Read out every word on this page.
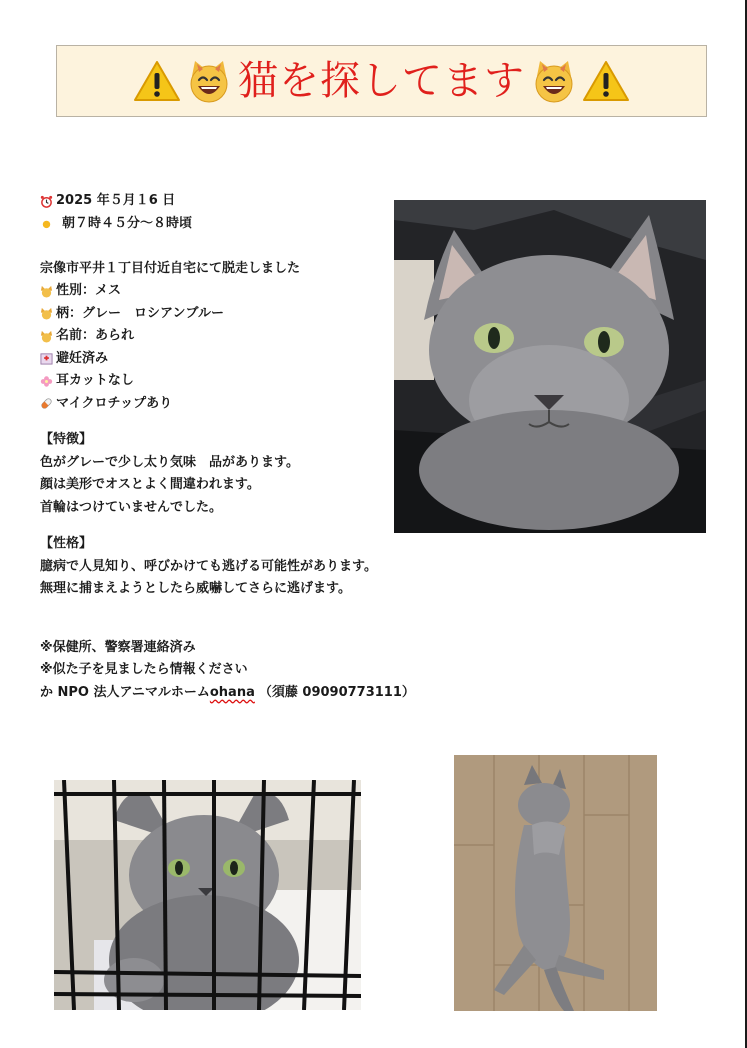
猫を探してます
2025 年５月１6 日
朝７時４５分〜８時頃
宗像市平井１丁目付近自宅にて脱走しました
性別：メス
柄：グレー　ロシアンブルー
名前：あられ
避妊済み
耳カットなし
マイクロチップあり
【特徴】
色がグレーで少し太り気味　品があります。
顔は美形でオスとよく間違われます。
首輪はつけていませんでした。
【性格】
臆病で人見知り、呼びかけても逃げる可能性があります。
無理に捕まえようとしたら威嚇してさらに逃げます。
※保健所、警察署連絡済み
※似た子を見ましたら情報ください
か NPO 法人アニマルホーム ohana （須藤 09090773111）
